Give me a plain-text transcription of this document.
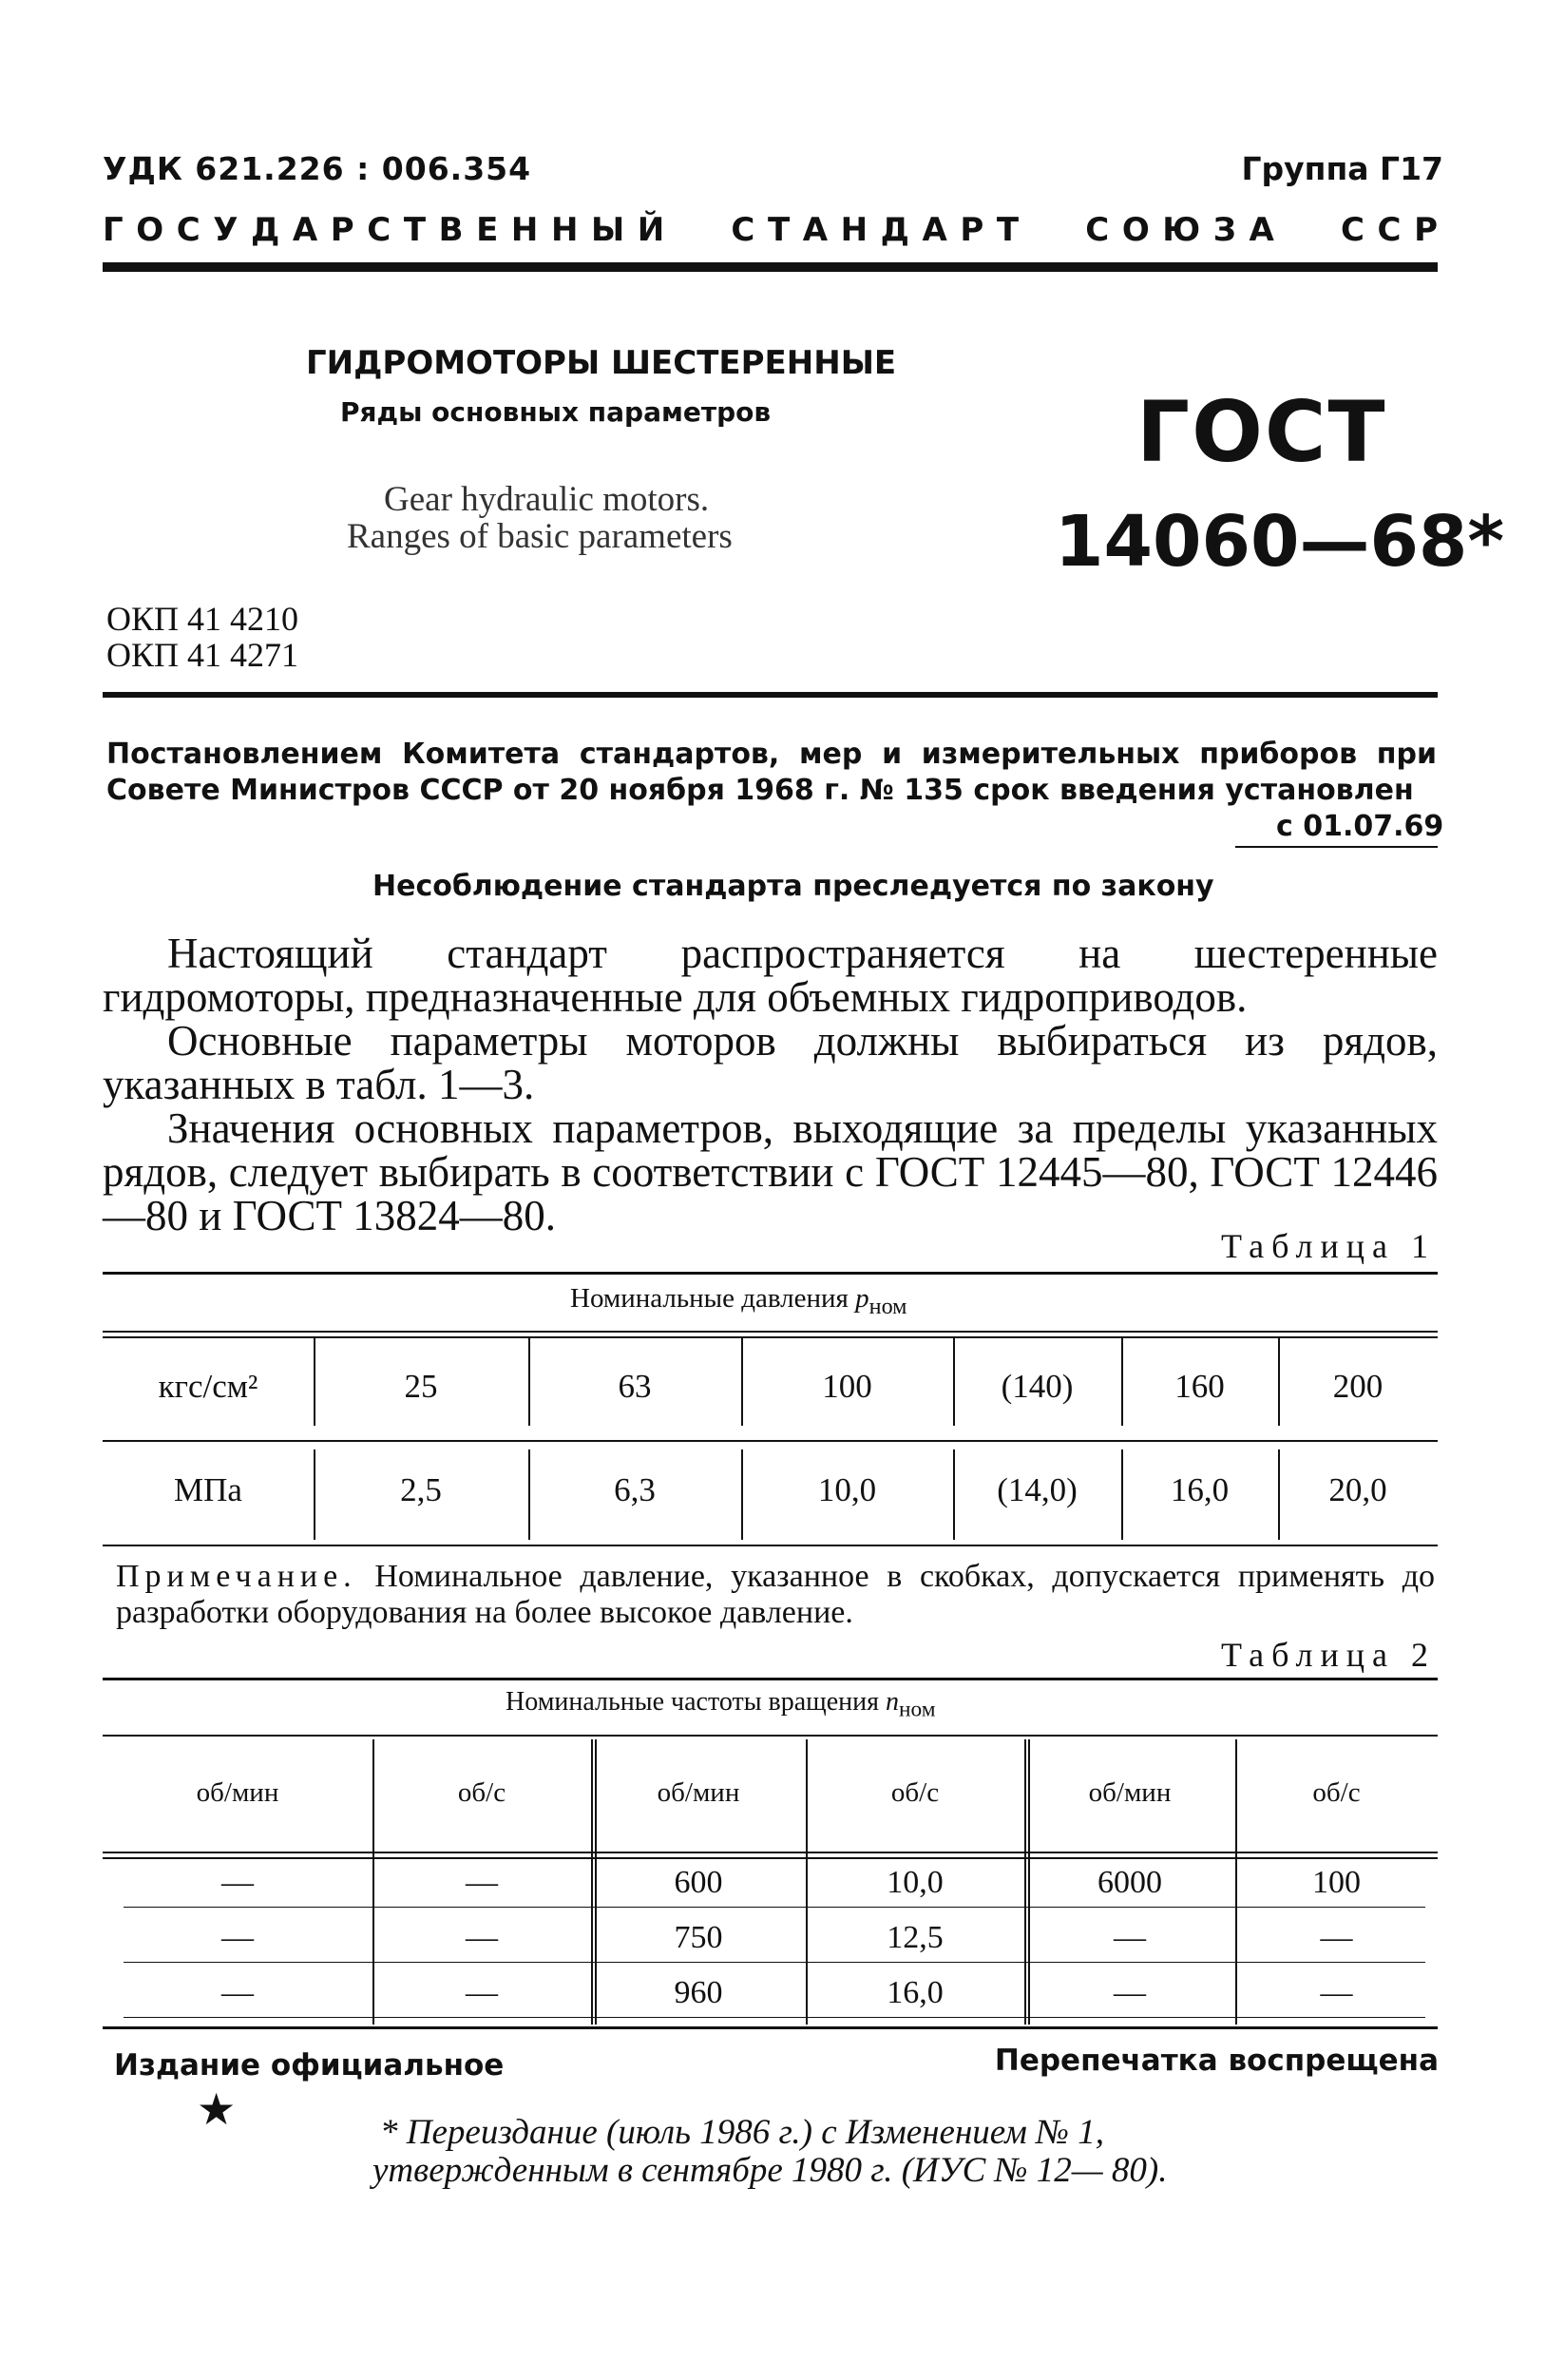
УДК 621.226 : 006.354	Группа Г17
Г  О  С  У  Д  А  Р  С  Т  В  Е  Н  Н  Ы  Й С  Т  А  Н  Д  А  Р  Т С  О  Ю  З  А С  С  Р
ГИДРОМОТОРЫ ШЕСТЕРЕННЫЕ
Ряды основных параметров
Gear hydraulic motors.
Ranges of basic parameters
ГОСТ
14060—68*
ОКП 41 4210
ОКП 41 4271
Постановлением Комитета стандартов, мер и измерительных приборов при Совете Министров СССР от 20 ноября 1968 г. № 135 срок введения установлен
с 01.07.69
Несоблюдение стандарта преследуется по закону
Настоящий стандарт распространяется на шестеренные гидромоторы, предназначенные для объемных гидроприводов.
Основные параметры моторов должны выбираться из рядов, указанных в табл. 1—3.
Значения основных параметров, выходящие за пределы указанных рядов, следует выбирать в соответствии с ГОСТ 12445—80, ГОСТ 12446—80 и ГОСТ 13824—80.
Таблица 1
Номинальные давления $p_{ном}$
кгс/см²	25	63	100	(140)	160	200
МПа	2,5	6,3	10,0	(14,0)	16,0	20,0
Примечание. Номинальное давление, указанное в скобках, допускается применять до разработки оборудования на более высокое давление.
Таблица 2
Номинальные частоты вращения $n_{ном}$
об/мин	об/с	об/мин	об/с	об/мин	об/с
—	—	600	10,0	6000	100
—	—	750	12,5	—	—
—	—	960	16,0	—	—
Издание официальное	Перепечатка воспрещена
★	* Переиздание (июль 1986 г.) с Изменением № 1,
утвержденным в сентябре 1980 г. (ИУС № 12— 80).
